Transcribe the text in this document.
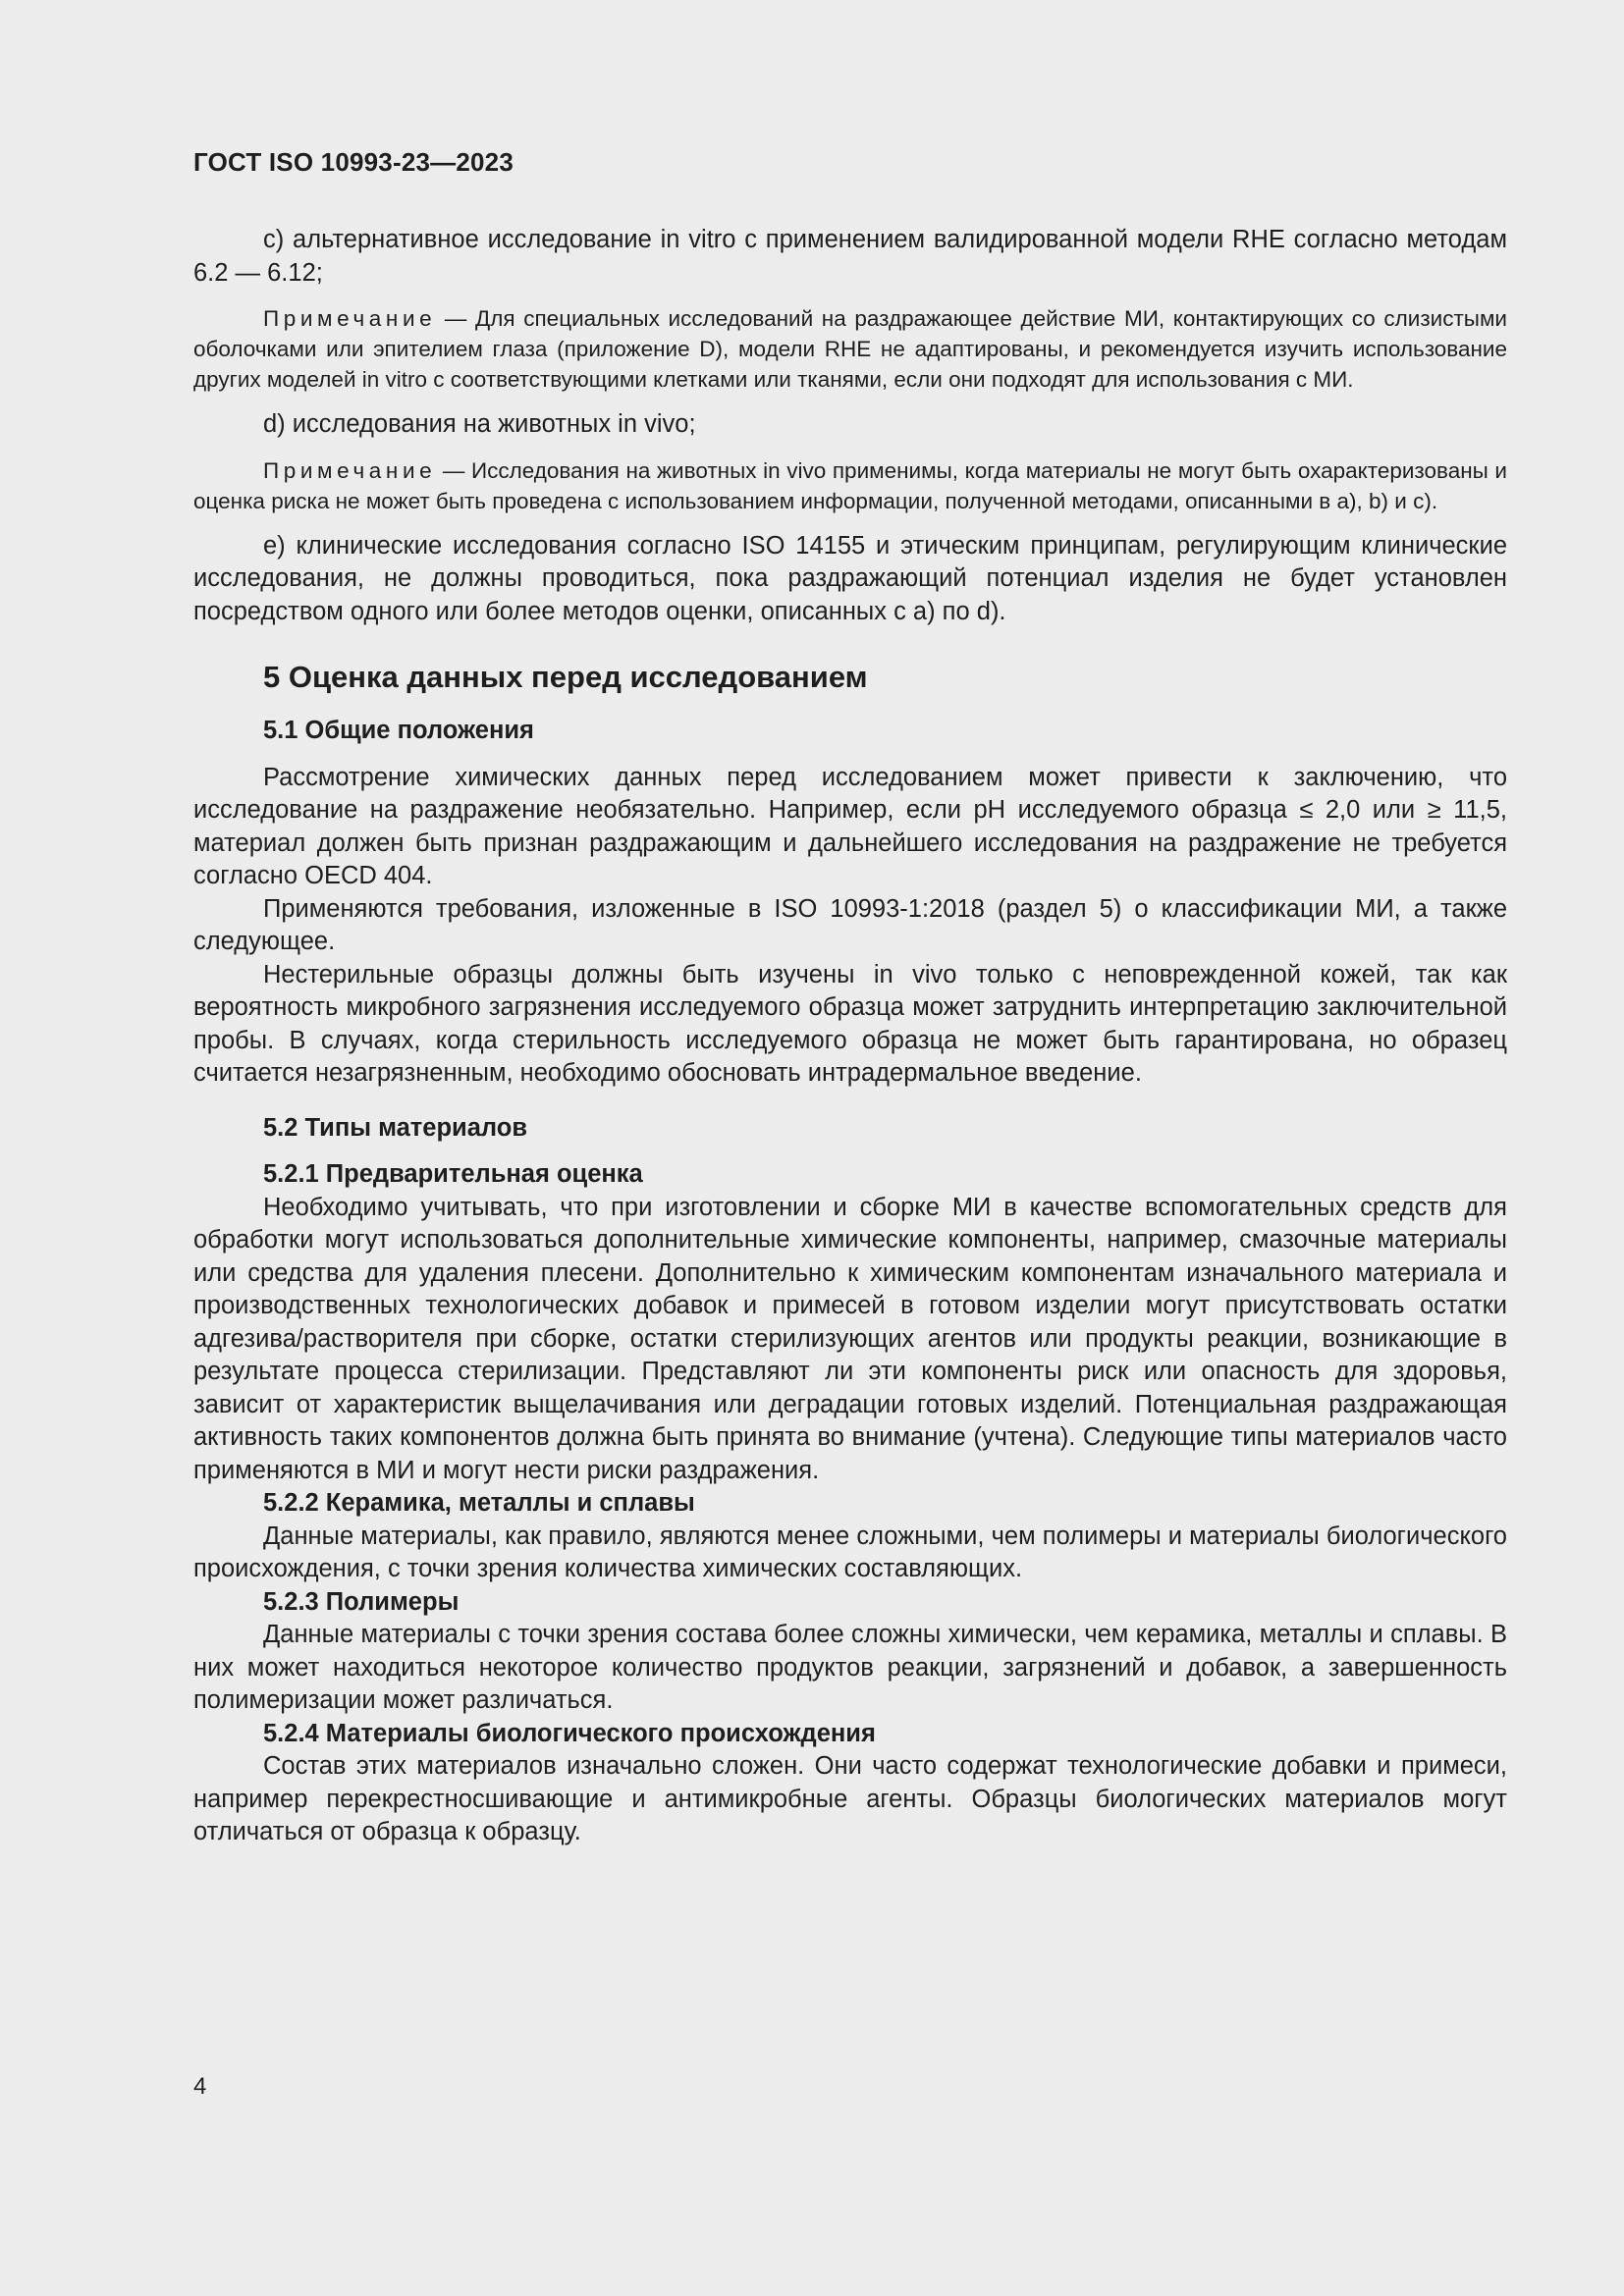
ГОСТ ISO 10993-23—2023

c) альтернативное исследование in vitro с применением валидированной модели RHE согласно методам 6.2 — 6.12;

Примечание — Для специальных исследований на раздражающее действие МИ, контактирующих со слизистыми оболочками или эпителием глаза (приложение D), модели RHE не адаптированы, и рекомендуется изучить использование других моделей in vitro с соответствующими клетками или тканями, если они подходят для использования с МИ.

d) исследования на животных in vivo;

Примечание — Исследования на животных in vivo применимы, когда материалы не могут быть охарактеризованы и оценка риска не может быть проведена с использованием информации, полученной методами, описанными в a), b) и c).

e) клинические исследования согласно ISO 14155 и этическим принципам, регулирующим клинические исследования, не должны проводиться, пока раздражающий потенциал изделия не будет установлен посредством одного или более методов оценки, описанных с a) по d).

5 Оценка данных перед исследованием
5.1 Общие положения

Рассмотрение химических данных перед исследованием может привести к заключению, что исследование на раздражение необязательно. Например, если pH исследуемого образца ≤ 2,0 или ≥ 11,5, материал должен быть признан раздражающим и дальнейшего исследования на раздражение не требуется согласно OECD 404.

Применяются требования, изложенные в ISO 10993-1:2018 (раздел 5) о классификации МИ, а также следующее.

Нестерильные образцы должны быть изучены in vivo только с неповрежденной кожей, так как вероятность микробного загрязнения исследуемого образца может затруднить интерпретацию заключительной пробы. В случаях, когда стерильность исследуемого образца не может быть гарантирована, но образец считается незагрязненным, необходимо обосновать интрадермальное введение.

5.2 Типы материалов
5.2.1 Предварительная оценка

Необходимо учитывать, что при изготовлении и сборке МИ в качестве вспомогательных средств для обработки могут использоваться дополнительные химические компоненты, например, смазочные материалы или средства для удаления плесени. Дополнительно к химическим компонентам изначального материала и производственных технологических добавок и примесей в готовом изделии могут присутствовать остатки адгезива/растворителя при сборке, остатки стерилизующих агентов или продукты реакции, возникающие в результате процесса стерилизации. Представляют ли эти компоненты риск или опасность для здоровья, зависит от характеристик выщелачивания или деградации готовых изделий. Потенциальная раздражающая активность таких компонентов должна быть принята во внимание (учтена). Следующие типы материалов часто применяются в МИ и могут нести риски раздражения.

5.2.2 Керамика, металлы и сплавы

Данные материалы, как правило, являются менее сложными, чем полимеры и материалы биологического происхождения, с точки зрения количества химических составляющих.

5.2.3 Полимеры

Данные материалы с точки зрения состава более сложны химически, чем керамика, металлы и сплавы. В них может находиться некоторое количество продуктов реакции, загрязнений и добавок, а завершенность полимеризации может различаться.

5.2.4 Материалы биологического происхождения

Состав этих материалов изначально сложен. Они часто содержат технологические добавки и примеси, например перекрестносшивающие и антимикробные агенты. Образцы биологических материалов могут отличаться от образца к образцу.

4
